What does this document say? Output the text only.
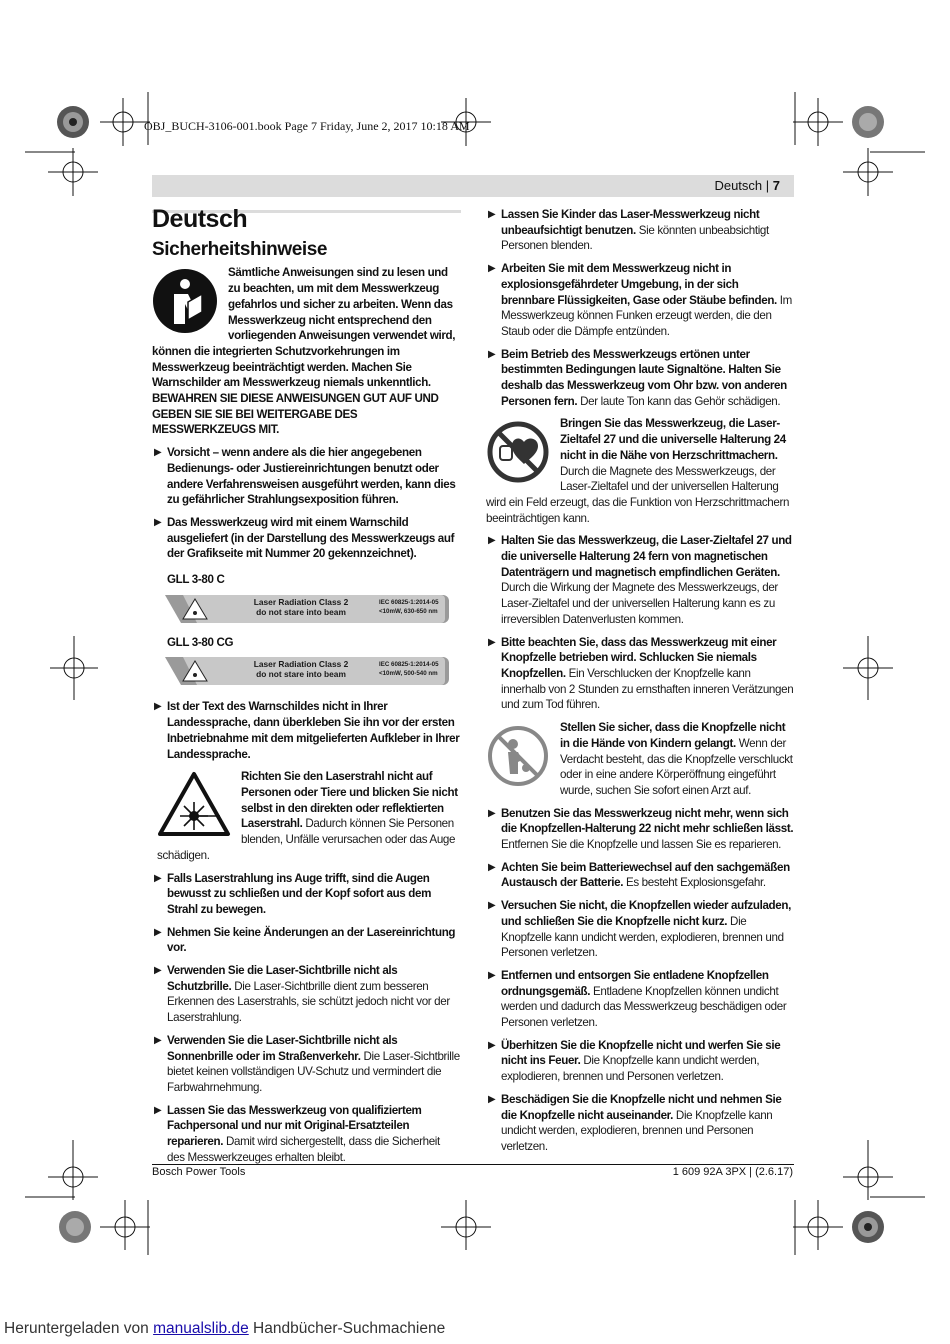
OBJ_BUCH-3106-001.book Page 7 Friday, June 2, 2017 10:18 AM
Deutsch | 7
Deutsch
Sicherheitshinweise
Sämtliche Anweisungen sind zu lesen und zu beachten, um mit dem Messwerkzeug gefahrlos und sicher zu arbeiten. Wenn das Messwerkzeug nicht entsprechend den vorliegenden Anweisungen verwendet wird, können die integrierten Schutzvorkehrungen im Messwerkzeug beeinträchtigt werden. Machen Sie Warnschilder am Messwerkzeug niemals unkenntlich. BEWAHREN SIE DIESE ANWEISUNGEN GUT AUF UND GEBEN SIE SIE BEI WEITERGABE DES MESSWERKZEUGS MIT.
▶ Vorsicht – wenn andere als die hier angegebenen Bedienungs- oder Justiereinrichtungen benutzt oder andere Verfahrensweisen ausgeführt werden, kann dies zu gefährlicher Strahlungsexposition führen.
▶ Das Messwerkzeug wird mit einem Warnschild ausgeliefert (in der Darstellung des Messwerkzeugs auf der Grafikseite mit Nummer 20 gekennzeichnet).
GLL 3-80 C
Laser Radiation Class 2
do not stare into beam
IEC 60825-1:2014-05
<10mW, 630-650 nm
GLL 3-80 CG
Laser Radiation Class 2
do not stare into beam
IEC 60825-1:2014-05
<10mW, 500-540 nm
▶ Ist der Text des Warnschildes nicht in Ihrer Landessprache, dann überkleben Sie ihn vor der ersten Inbetriebnahme mit dem mitgelieferten Aufkleber in Ihrer Landessprache.
Richten Sie den Laserstrahl nicht auf Personen oder Tiere und blicken Sie nicht selbst in den direkten oder reflektierten Laserstrahl. Dadurch können Sie Personen blenden, Unfälle verursachen oder das Auge schädigen.
▶ Falls Laserstrahlung ins Auge trifft, sind die Augen bewusst zu schließen und der Kopf sofort aus dem Strahl zu bewegen.
▶ Nehmen Sie keine Änderungen an der Lasereinrichtung vor.
▶ Verwenden Sie die Laser-Sichtbrille nicht als Schutzbrille. Die Laser-Sichtbrille dient zum besseren Erkennen des Laserstrahls, sie schützt jedoch nicht vor der Laserstrahlung.
▶ Verwenden Sie die Laser-Sichtbrille nicht als Sonnenbrille oder im Straßenverkehr. Die Laser-Sichtbrille bietet keinen vollständigen UV-Schutz und vermindert die Farbwahrnehmung.
▶ Lassen Sie das Messwerkzeug von qualifiziertem Fachpersonal und nur mit Original-Ersatzteilen reparieren. Damit wird sichergestellt, dass die Sicherheit des Messwerkzeuges erhalten bleibt.
▶ Lassen Sie Kinder das Laser-Messwerkzeug nicht unbeaufsichtigt benutzen. Sie könnten unbeabsichtigt Personen blenden.
▶ Arbeiten Sie mit dem Messwerkzeug nicht in explosionsgefährdeter Umgebung, in der sich brennbare Flüssigkeiten, Gase oder Stäube befinden. Im Messwerkzeug können Funken erzeugt werden, die den Staub oder die Dämpfe entzünden.
▶ Beim Betrieb des Messwerkzeugs ertönen unter bestimmten Bedingungen laute Signaltöne. Halten Sie deshalb das Messwerkzeug vom Ohr bzw. von anderen Personen fern. Der laute Ton kann das Gehör schädigen.
Bringen Sie das Messwerkzeug, die Laser-Zieltafel 27 und die universelle Halterung 24 nicht in die Nähe von Herzschrittmachern. Durch die Magnete des Messwerkzeugs, der Laser-Zieltafel und der universellen Halterung wird ein Feld erzeugt, das die Funktion von Herzschrittmachern beeinträchtigen kann.
▶ Halten Sie das Messwerkzeug, die Laser-Zieltafel 27 und die universelle Halterung 24 fern von magnetischen Datenträgern und magnetisch empfindlichen Geräten. Durch die Wirkung der Magnete des Messwerkzeugs, der Laser-Zieltafel und der universellen Halterung kann es zu irreversiblen Datenverlusten kommen.
▶ Bitte beachten Sie, dass das Messwerkzeug mit einer Knopfzelle betrieben wird. Schlucken Sie niemals Knopfzellen. Ein Verschlucken der Knopfzelle kann innerhalb von 2 Stunden zu ernsthaften inneren Verätzungen und zum Tod führen.
Stellen Sie sicher, dass die Knopfzelle nicht in die Hände von Kindern gelangt. Wenn der Verdacht besteht, das die Knopfzelle verschluckt oder in eine andere Körperöffnung eingeführt wurde, suchen Sie sofort einen Arzt auf.
▶ Benutzen Sie das Messwerkzeug nicht mehr, wenn sich die Knopfzellen-Halterung 22 nicht mehr schließen lässt. Entfernen Sie die Knopfzelle und lassen Sie es reparieren.
▶ Achten Sie beim Batteriewechsel auf den sachgemäßen Austausch der Batterie. Es besteht Explosionsgefahr.
▶ Versuchen Sie nicht, die Knopfzellen wieder aufzuladen, und schließen Sie die Knopfzelle nicht kurz. Die Knopfzelle kann undicht werden, explodieren, brennen und Personen verletzen.
▶ Entfernen und entsorgen Sie entladene Knopfzellen ordnungsgemäß. Entladene Knopfzellen können undicht werden und dadurch das Messwerkzeug beschädigen oder Personen verletzen.
▶ Überhitzen Sie die Knopfzelle nicht und werfen Sie sie nicht ins Feuer. Die Knopfzelle kann undicht werden, explodieren, brennen und Personen verletzen.
▶ Beschädigen Sie die Knopfzelle nicht und nehmen Sie die Knopfzelle nicht auseinander. Die Knopfzelle kann undicht werden, explodieren, brennen und Personen verletzen.
Bosch Power Tools	1 609 92A 3PX | (2.6.17)
Heruntergeladen von manualslib.de Handbücher-Suchmachiene
